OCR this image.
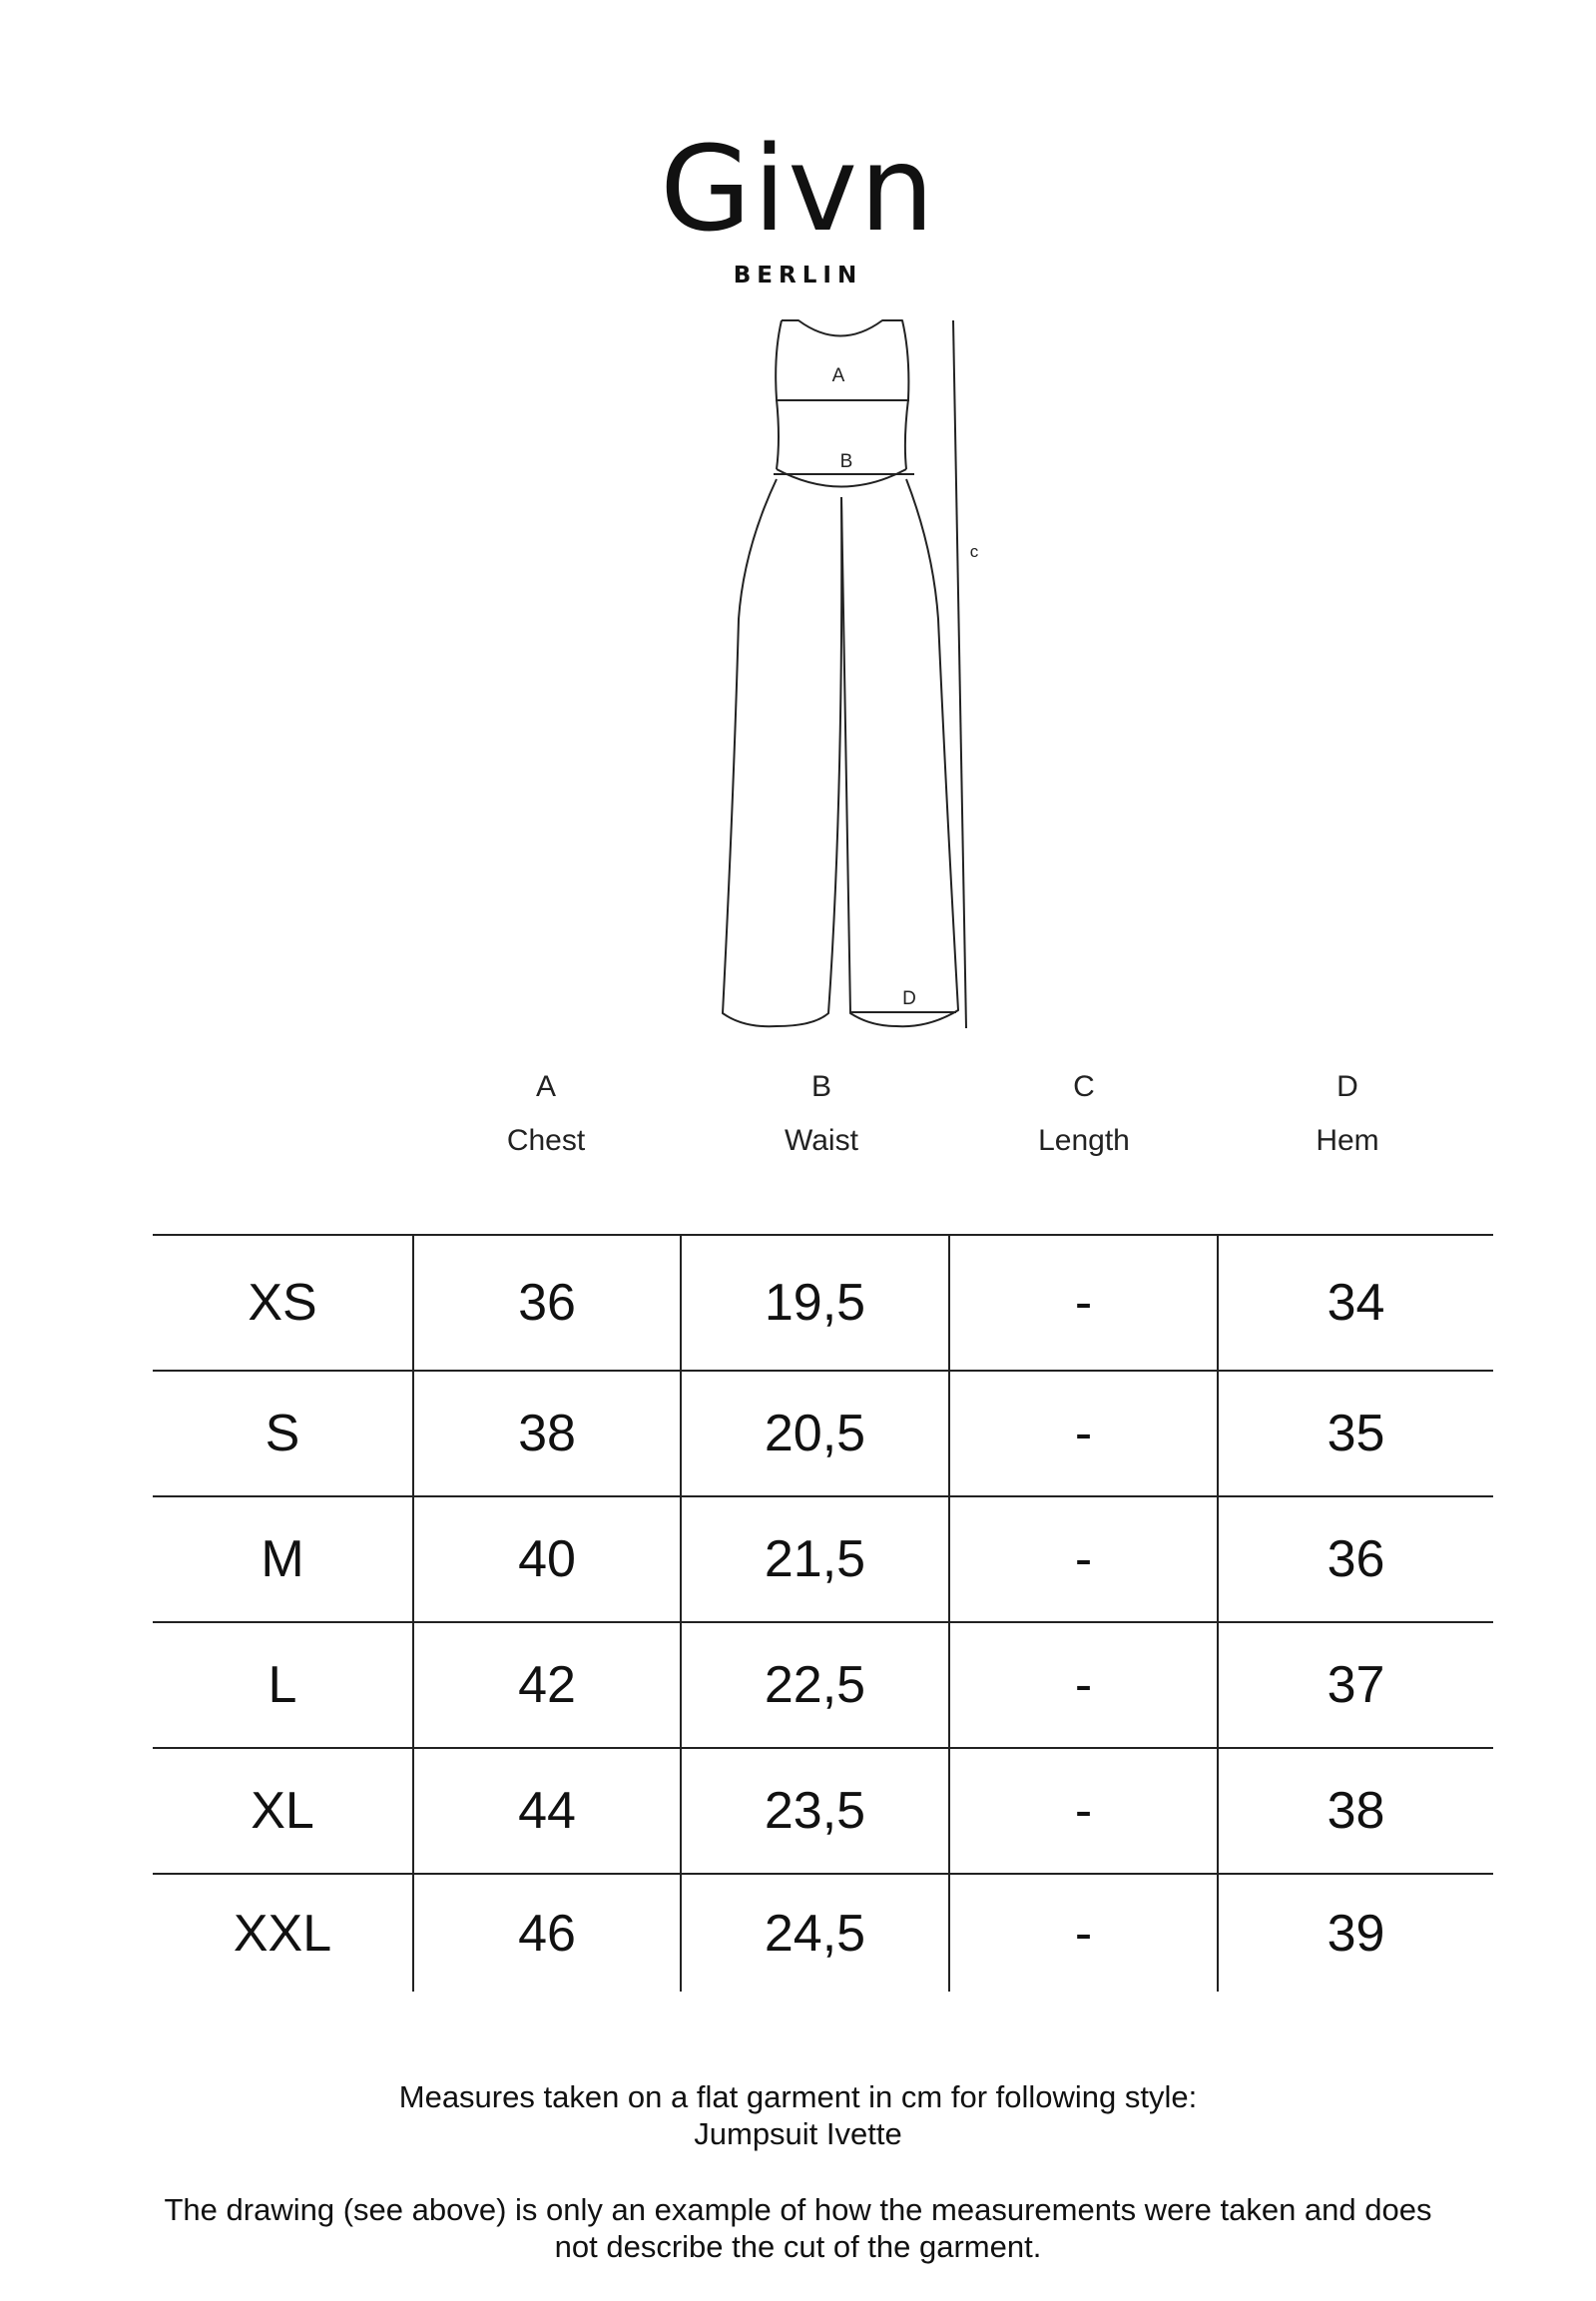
Givn
BERLIN
A
B
c
D
A
Chest
B
Waist
C
Length
D
Hem
XS	36	19,5	-	34
S	38	20,5	-	35
M	40	21,5	-	36
L	42	22,5	-	37
XL	44	23,5	-	38
XXL	46	24,5	-	39
Measures taken on a flat garment in cm for following style:
Jumpsuit Ivette
The drawing (see above) is only an example of how the measurements were taken and does
not describe the cut of the garment.
